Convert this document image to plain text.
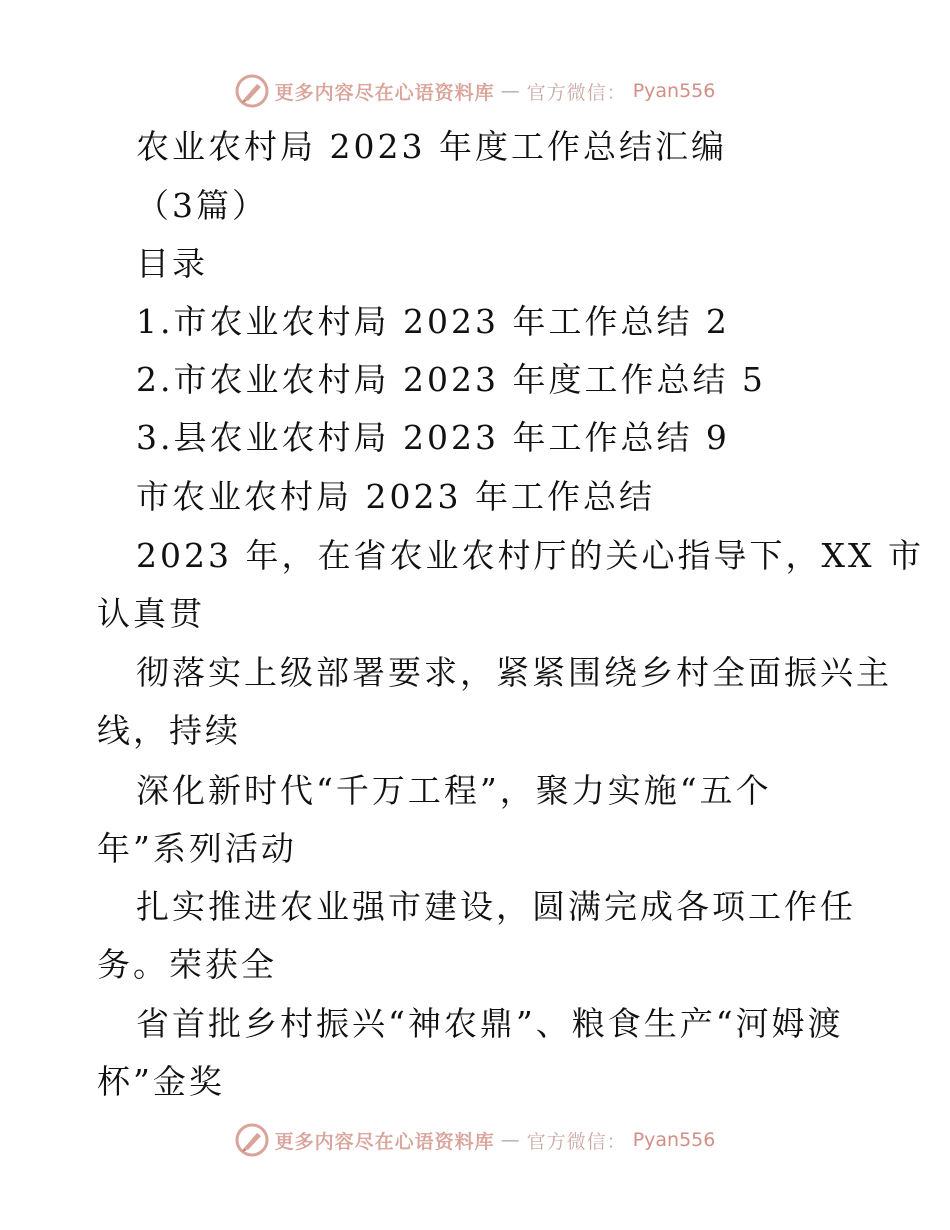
更多内容尽在心语资料库 — 官方微信： Pyan556
农业农村局 2023 年度工作总结汇编
（3篇）
目录
1.市农业农村局 2023 年工作总结 2
2.市农业农村局 2023 年度工作总结 5
3.县农业农村局 2023 年工作总结 9
市农业农村局 2023 年工作总结
2023 年，在省农业农村厅的关心指导下，XX 市
认真贯
彻落实上级部署要求，紧紧围绕乡村全面振兴主
线，持续
深化新时代“千万工程”，聚力实施“五个
年”系列活动
扎实推进农业强市建设，圆满完成各项工作任
务。荣获全
省首批乡村振兴“神农鼎”、粮食生产“河姆渡
杯”金奖
更多内容尽在心语资料库 — 官方微信： Pyan556
